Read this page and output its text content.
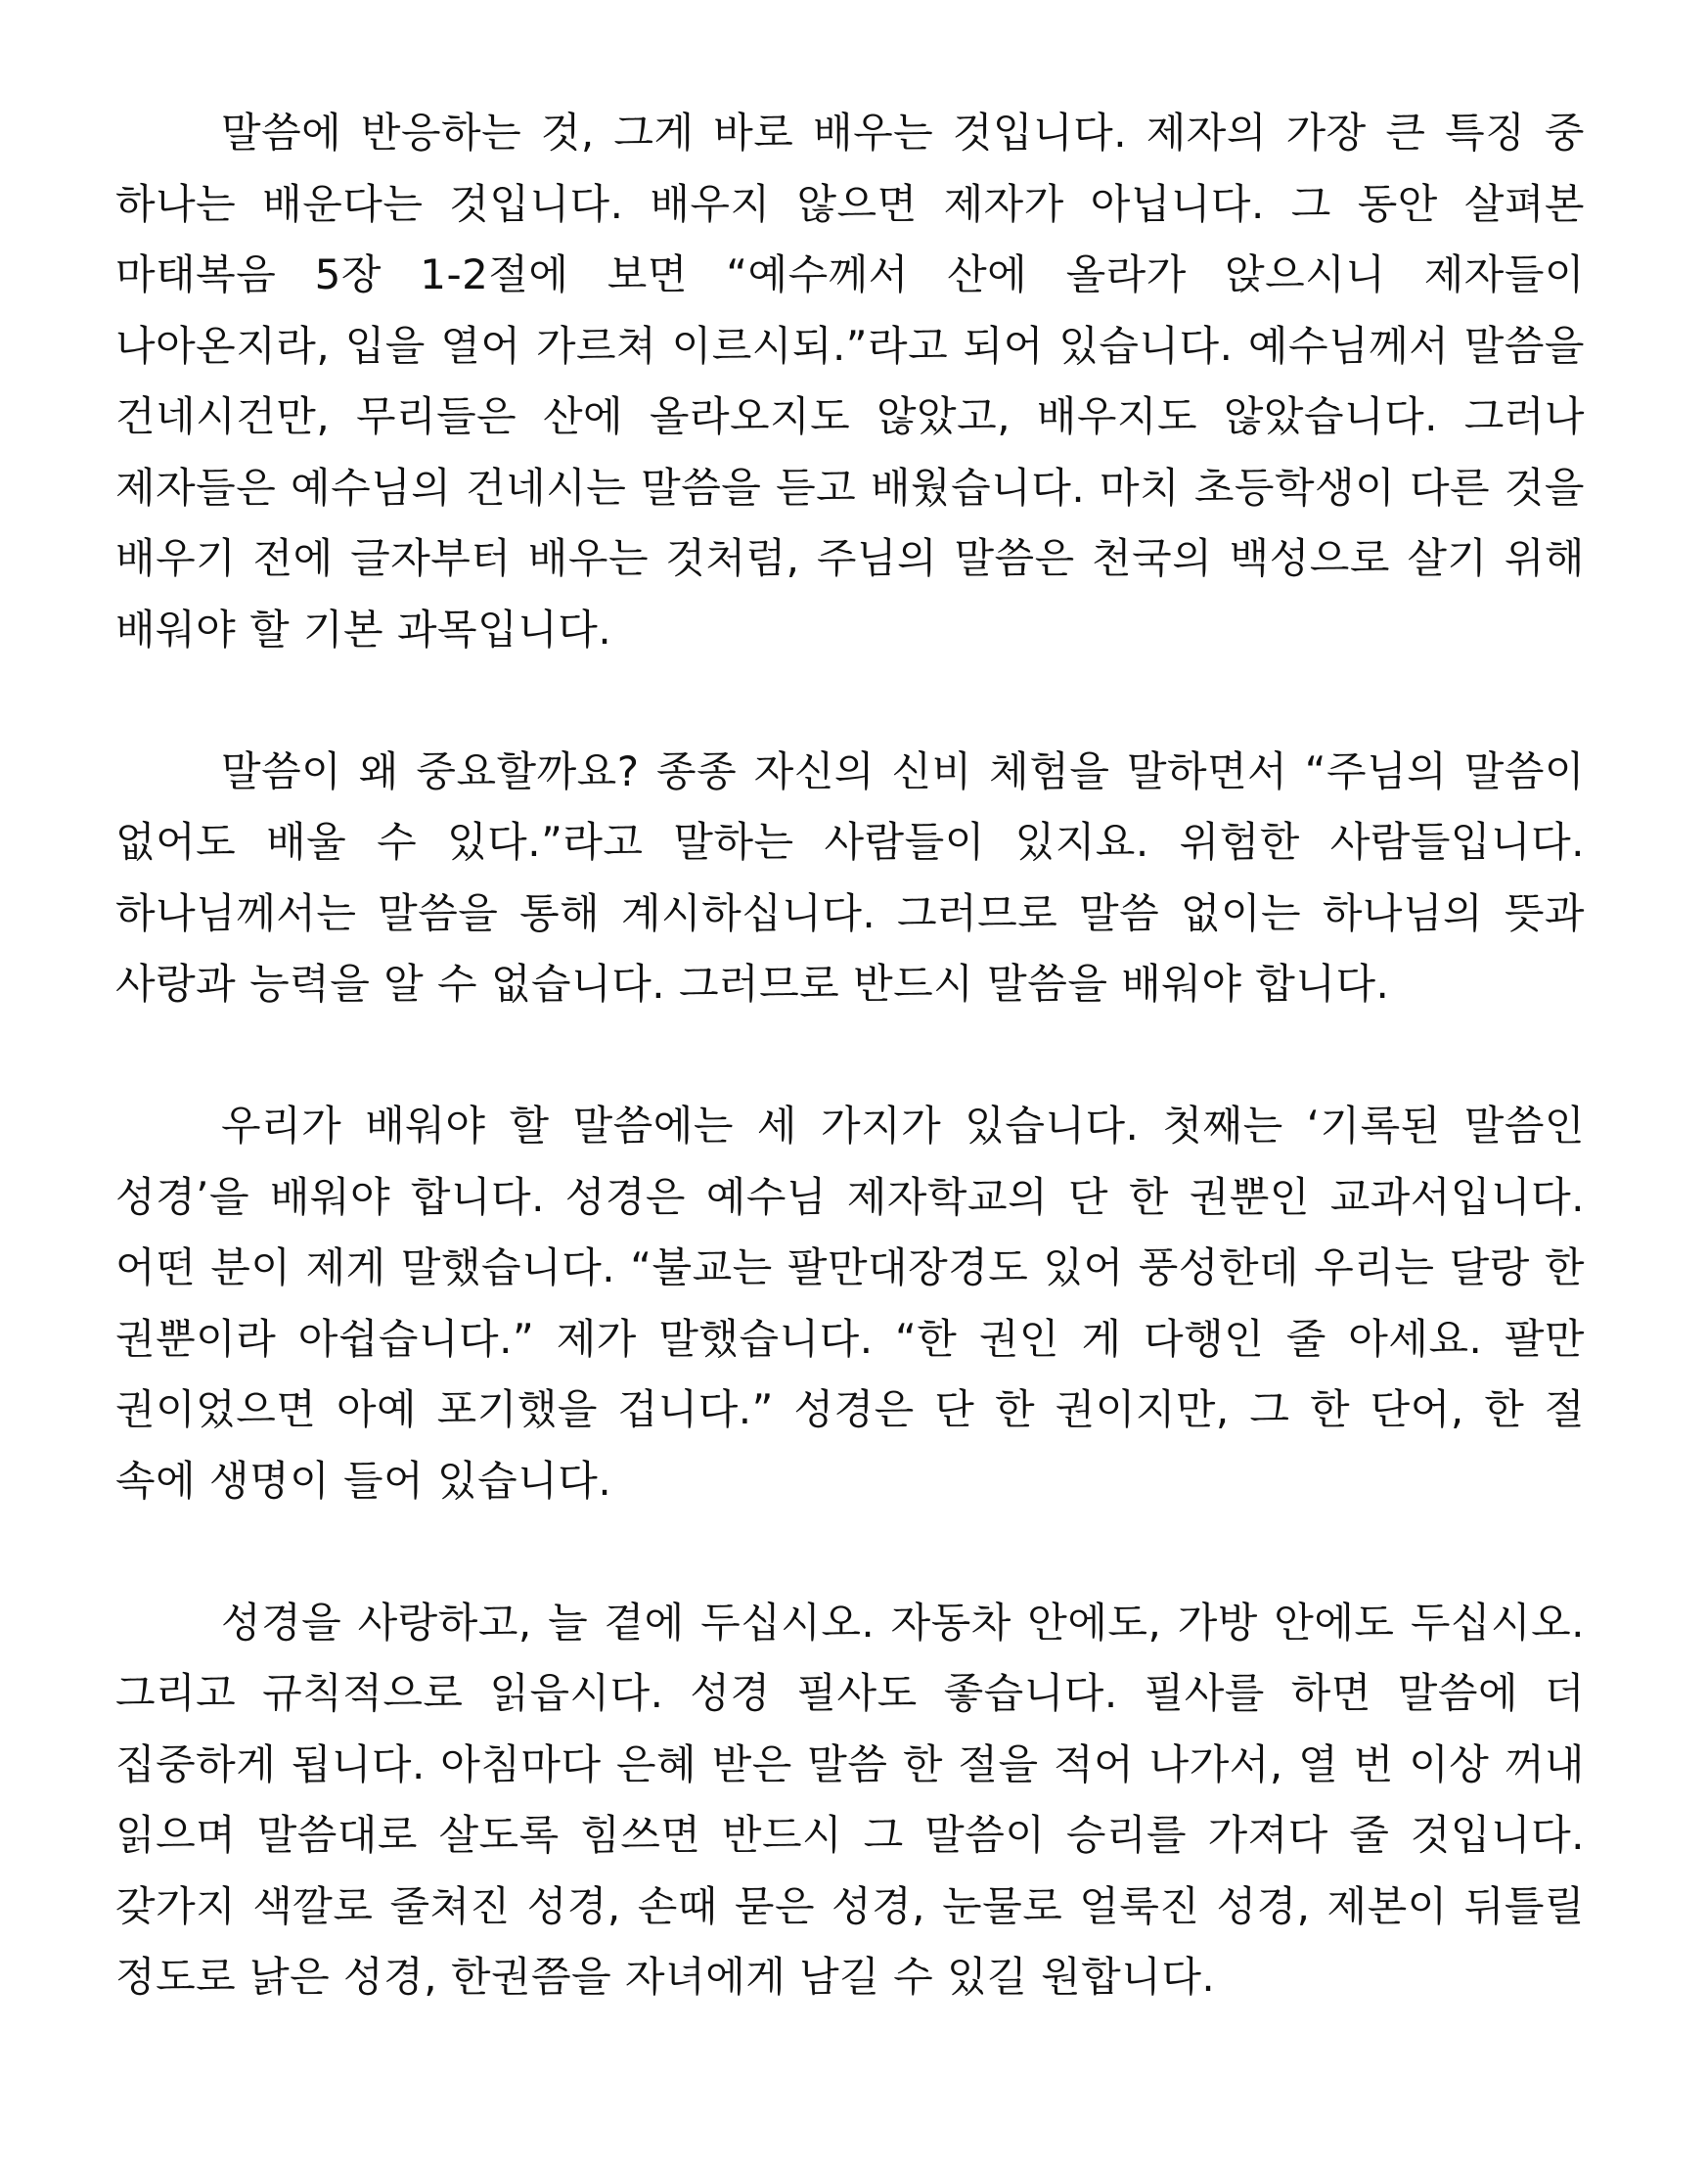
말씀에 반응하는 것, 그게 바로 배우는 것입니다. 제자의 가장 큰 특징 중 하나는 배운다는 것입니다. 배우지 않으면 제자가 아닙니다. 그 동안 살펴본 마태복음 5장 1-2절에 보면 “예수께서 산에 올라가 앉으시니 제자들이 나아온지라, 입을 열어 가르쳐 이르시되.”라고 되어 있습니다. 예수님께서 말씀을 건네시건만, 무리들은 산에 올라오지도 않았고, 배우지도 않았습니다. 그러나 제자들은 예수님의 건네시는 말씀을 듣고 배웠습니다. 마치 초등학생이 다른 것을 배우기 전에 글자부터 배우는 것처럼, 주님의 말씀은 천국의 백성으로 살기 위해 배워야 할 기본 과목입니다.

말씀이 왜 중요할까요? 종종 자신의 신비 체험을 말하면서 “주님의 말씀이 없어도 배울 수 있다.”라고 말하는 사람들이 있지요. 위험한 사람들입니다. 하나님께서는 말씀을 통해 계시하십니다. 그러므로 말씀 없이는 하나님의 뜻과 사랑과 능력을 알 수 없습니다. 그러므로 반드시 말씀을 배워야 합니다.

우리가 배워야 할 말씀에는 세 가지가 있습니다. 첫째는 ‘기록된 말씀인 성경’을 배워야 합니다. 성경은 예수님 제자학교의 단 한 권뿐인 교과서입니다. 어떤 분이 제게 말했습니다. “불교는 팔만대장경도 있어 풍성한데 우리는 달랑 한 권뿐이라 아쉽습니다.” 제가 말했습니다. “한 권인 게 다행인 줄 아세요. 팔만 권이었으면 아예 포기했을 겁니다.” 성경은 단 한 권이지만, 그 한 단어, 한 절 속에 생명이 들어 있습니다.

성경을 사랑하고, 늘 곁에 두십시오. 자동차 안에도, 가방 안에도 두십시오. 그리고 규칙적으로 읽읍시다. 성경 필사도 좋습니다. 필사를 하면 말씀에 더 집중하게 됩니다. 아침마다 은혜 받은 말씀 한 절을 적어 나가서, 열 번 이상 꺼내 읽으며 말씀대로 살도록 힘쓰면 반드시 그 말씀이 승리를 가져다 줄 것입니다. 갖가지 색깔로 줄쳐진 성경, 손때 묻은 성경, 눈물로 얼룩진 성경, 제본이 뒤틀릴 정도로 낡은 성경, 한권쯤을 자녀에게 남길 수 있길 원합니다.
